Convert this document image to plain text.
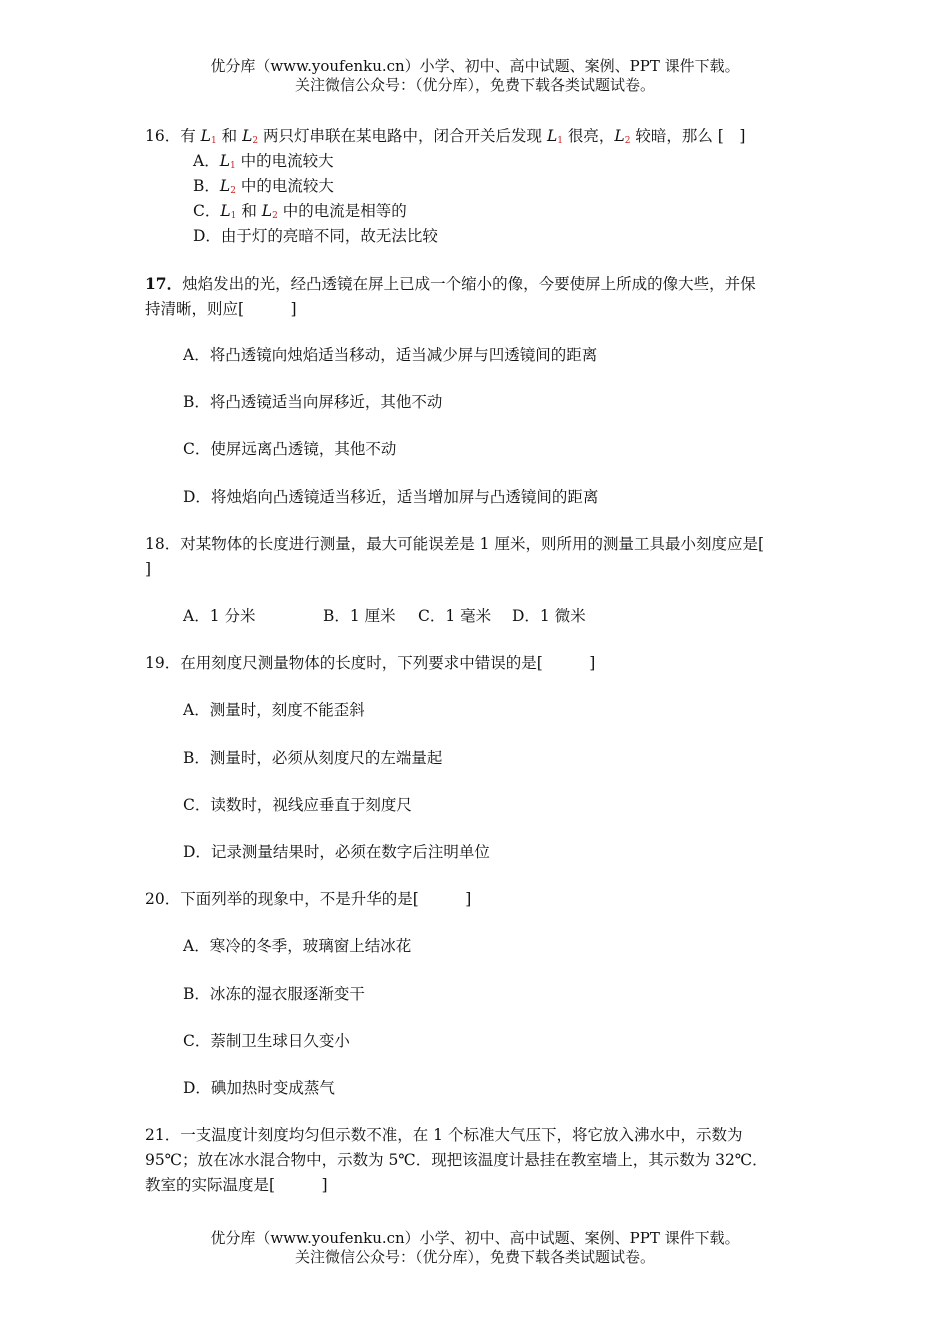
优分库（www.youfenku.cn）小学、初中、高中试题、案例、PPT 课件下载。
关注微信公众号：（优分库），免费下载各类试题试卷。
16．有 $L_1$ 和 $L_2$ 两只灯串联在某电路中，闭合开关后发现 $L_1$ 很亮，$L_2$ 较暗，那么 [　]
A．$L_1$ 中的电流较大
B．$L_2$ 中的电流较大
C．$L_1$ 和 $L_2$ 中的电流是相等的
D．由于灯的亮暗不同，故无法比较
17．烛焰发出的光，经凸透镜在屏上已成一个缩小的像，今要使屏上所成的像大些，并保
持清晰，则应[　　　]
A．将凸透镜向烛焰适当移动，适当减少屏与凹透镜间的距离
B．将凸透镜适当向屏移近，其他不动
C．使屏远离凸透镜，其他不动
D．将烛焰向凸透镜适当移近，适当增加屏与凸透镜间的距离
18．对某物体的长度进行测量，最大可能误差是 1 厘米，则所用的测量工具最小刻度应是[
]
A．1 分米	B．1 厘米 C．1 毫米 D．1 微米
19．在用刻度尺测量物体的长度时，下列要求中错误的是[　　　]
A．测量时，刻度不能歪斜
B．测量时，必须从刻度尺的左端量起
C．读数时，视线应垂直于刻度尺
D．记录测量结果时，必须在数字后注明单位
20．下面列举的现象中，不是升华的是[　　　]
A．寒冷的冬季，玻璃窗上结冰花
B．冰冻的湿衣服逐渐变干
C．萘制卫生球日久变小
D．碘加热时变成蒸气
21．一支温度计刻度均匀但示数不准，在 1 个标准大气压下，将它放入沸水中，示数为
95℃；放在冰水混合物中，示数为 5℃．现把该温度计悬挂在教室墙上，其示数为 32℃．
教室的实际温度是[　　　]
优分库（www.youfenku.cn）小学、初中、高中试题、案例、PPT 课件下载。
关注微信公众号：（优分库），免费下载各类试题试卷。
